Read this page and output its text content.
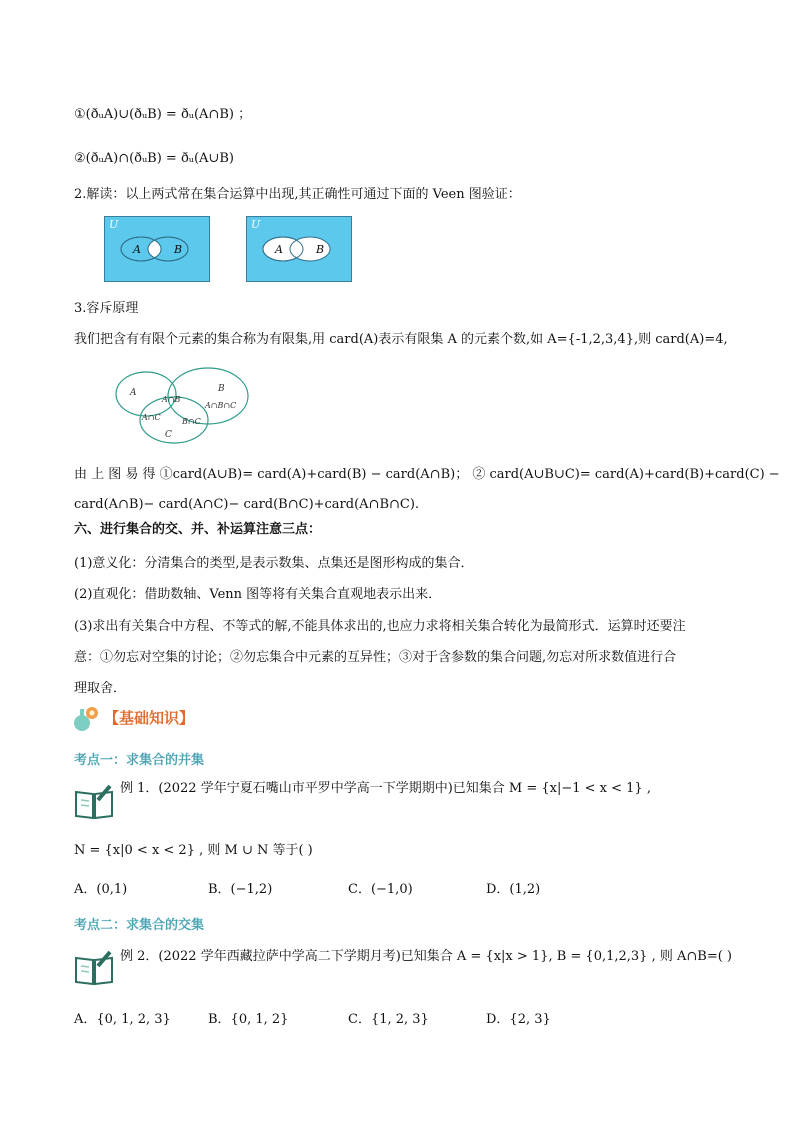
①(ðᵤA)∪(ðᵤB) = ðᵤ(A∩B) ；
②(ðᵤA)∩(ðᵤB) = ðᵤ(A∪B)
2.解读：以上两式常在集合运算中出现,其正确性可通过下面的 Veen 图验证：
U
A	B
U
A	B
3.容斥原理
我们把含有有限个元素的集合称为有限集,用 card(A)表示有限集 A 的元素个数,如 A={-1,2,3,4},则 card(A)=4,
A	B
C
A∩B
A∩C	B∩C
A∩B∩C
由 上 图 易 得 ①card(A∪B)= card(A)+card(B) − card(A∩B)； ② card(A∪B∪C)= card(A)+card(B)+card(C) −
card(A∩B)− card(A∩C)− card(B∩C)+card(A∩B∩C).
六、进行集合的交、并、补运算注意三点：
(1)意义化：分清集合的类型,是表示数集、点集还是图形构成的集合．
(2)直观化：借助数轴、Venn 图等将有关集合直观地表示出来．
(3)求出有关集合中方程、不等式的解,不能具体求出的,也应力求将相关集合转化为最简形式．运算时还要注
意：①勿忘对空集的讨论；②勿忘集合中元素的互异性；③对于含参数的集合问题,勿忘对所求数值进行合
理取舍．
【基础知识】
考点一：求集合的并集
例 1．(2022 学年宁夏石嘴山市平罗中学高一下学期期中)已知集合 M = {x|−1 < x < 1} ,
N = {x|0 < x < 2} , 则 M ∪ N 等于( )
A．(0,1)	B．(−1,2)	C．(−1,0)	D．(1,2)
考点二：求集合的交集
例 2．(2022 学年西藏拉萨中学高二下学期月考)已知集合 A = {x|x > 1}, B = {0,1,2,3} , 则 A∩B=( )
A．{0, 1, 2, 3}	B．{0, 1, 2}	C．{1, 2, 3}	D．{2, 3}
